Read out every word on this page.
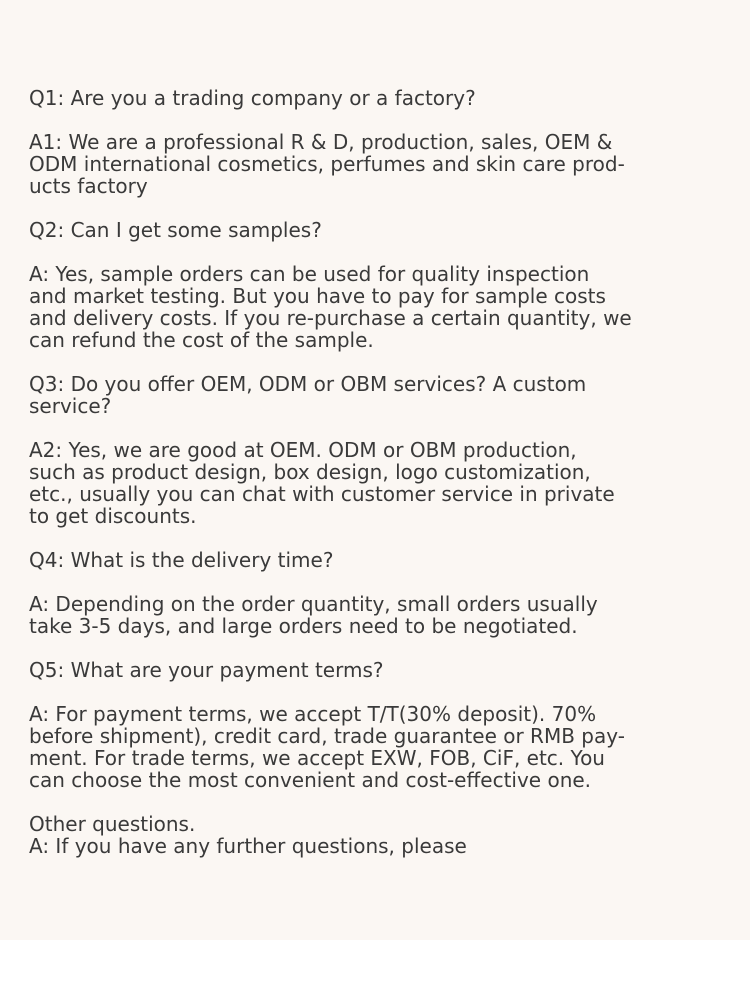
Q1: Are you a trading company or a factory?
A1: We are a professional R & D, production, sales, OEM &
ODM international cosmetics, perfumes and skin care prod-
ucts factory
Q2: Can I get some samples?
A: Yes, sample orders can be used for quality inspection
and market testing. But you have to pay for sample costs
and delivery costs. If you re-purchase a certain quantity, we
can refund the cost of the sample.
Q3: Do you offer OEM, ODM or OBM services? A custom
service?
A2: Yes, we are good at OEM. ODM or OBM production,
such as product design, box design, logo customization,
etc., usually you can chat with customer service in private
to get discounts.
Q4: What is the delivery time?
A: Depending on the order quantity, small orders usually
take 3-5 days, and large orders need to be negotiated.
Q5: What are your payment terms?
A: For payment terms, we accept T/T(30% deposit). 70%
before shipment), credit card, trade guarantee or RMB pay-
ment. For trade terms, we accept EXW, FOB, CiF, etc. You
can choose the most convenient and cost-effective one.
Other questions.
A: If you have any further questions, please
